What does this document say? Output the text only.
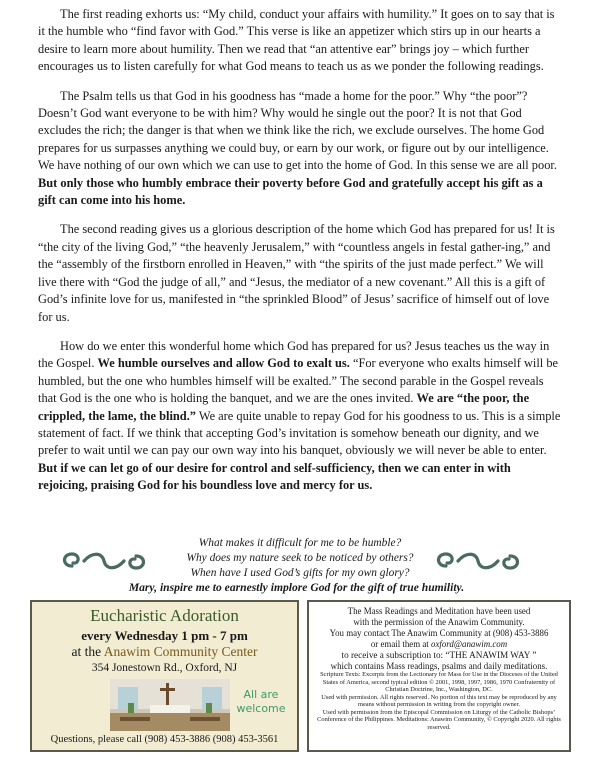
The first reading exhorts us: “My child, conduct your affairs with humility.” It goes on to say that is it the humble who “find favor with God.” This verse is like an appetizer which stirs up in our hearts a desire to learn more about humility. Then we read that “an attentive ear” brings joy – which further encourages us to listen carefully for what God means to teach us as we ponder the following readings.

The Psalm tells us that God in his goodness has “made a home for the poor.” Why “the poor”? Doesn’t God want everyone to be with him? Why would he single out the poor? It is not that God excludes the rich; the danger is that when we think like the rich, we exclude ourselves. The home God prepares for us surpasses anything we could buy, or earn by our work, or figure out by our intelligence. We have nothing of our own which we can use to get into the home of God. In this sense we are all poor. But only those who humbly embrace their poverty before God and gratefully accept his gift as a gift can come into his home.

The second reading gives us a glorious description of the home which God has prepared for us! It is “the city of the living God,” “the heavenly Jerusalem,” with “countless angels in festal gather-ing,” and the “assembly of the firstborn enrolled in Heaven,” with “the spirits of the just made perfect.” We will live there with “God the judge of all,” and “Jesus, the mediator of a new covenant.” All this is a gift of God’s infinite love for us, manifested in “the sprinkled Blood” of Jesus’ sacrifice of himself out of love for us.

How do we enter this wonderful home which God has prepared for us? Jesus teaches us the way in the Gospel. We humble ourselves and allow God to exalt us. “For everyone who exalts himself will be humbled, but the one who humbles himself will be exalted.” The second parable in the Gospel reveals that God is the one who is holding the banquet, and we are the ones invited. We are “the poor, the crippled, the lame, the blind.” We are quite unable to repay God for his goodness to us. This is a simple statement of fact. If we think that accepting God’s invitation is somehow beneath our dignity, and we prefer to wait until we can pay our own way into his banquet, obviously we will never be able to enter. But if we can let go of our desire for control and self-sufficiency, then we can enter in with rejoicing, praising God for his boundless love and mercy for us.

What makes it difficult for me to be humble?
Why does my nature seek to be noticed by others?
When have I used God’s gifts for my own glory?
Mary, inspire me to earnestly implore God for the gift of true humility.
Eucharistic Adoration
every Wednesday 1 pm - 7 pm
at the Anawim Community Center
354 Jonestown Rd., Oxford, NJ
All are
welcome
Questions, please call (908) 453-3886 (908) 453-3561
The Mass Readings and Meditation have been used
with the permission of the Anawim Community.
You may contact The Anawim Community at (908) 453-3886
or email them at oxford@anawim.com
to receive a subscription to: “THE ANAWIM WAY ”
which contains Mass readings, psalms and daily meditations.
Scripture Texts: Excerpts from the Lectionary for Mass for Use in the Dioceses of the United States of America, second typical edition © 2001, 1998, 1997, 1986, 1970 Confraternity of Christian Doctrine, Inc., Washington, DC.
Used with permission. All rights reserved. No portion of this text may be reproduced by any means without permission in writing from the copyright owner.
Used with permission from the Episcopal Commission on Liturgy of the Catholic Bishops’ Conference of the Philippines. Meditations: Anawim Community, © Copyright 2020. All rights reserved.
